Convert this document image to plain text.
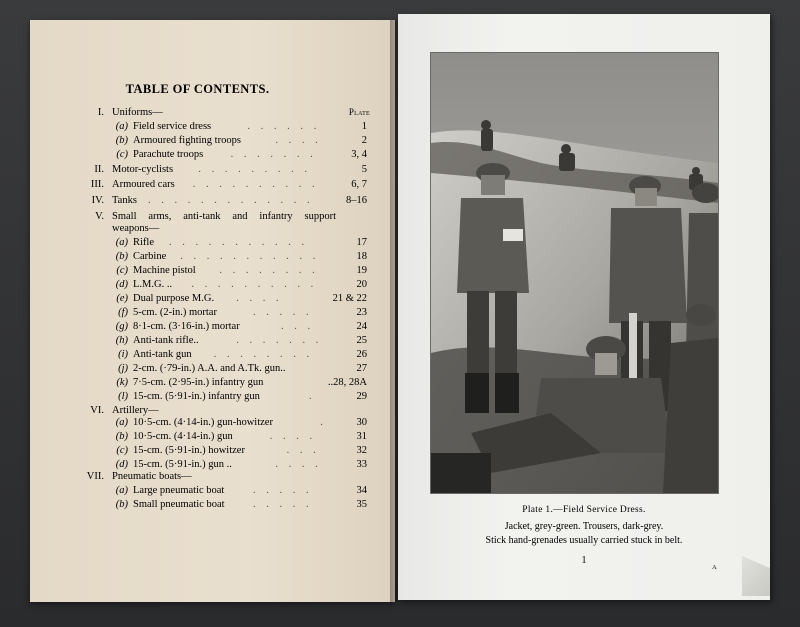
TABLE OF CONTENTS.
Plate
I. Uniforms—
(a) Field service dress	. . . . . .	1
(b) Armoured fighting troops	. . . .	2
(c) Parachute troops	. . . . . . .	3, 4
II. Motor-cyclists . . . . . . . . .	5
III. Armoured cars . . . . . . . . . .	6, 7
IV. Tanks . . . . . . . . . . . . .	8–16
V. Small arms, anti-tank and infantry support
weapons—
(a) Rifle . . . . . . . . . . .	17
(b) Carbine . . . . . . . . . . .	18
(c) Machine pistol . . . . . . . .	19
(d) L.M.G. .. . . . . . . . . . .	20
(e) Dual purpose M.G. . . . .	21 & 22
(f) 5-cm. (2-in.) mortar	. . . . .	23
(g) 8·1-cm. (3·16-in.) mortar	. . .	24
(h) Anti-tank rifle..	. . . . . . .	25
(i) Anti-tank gun . . . . . . . .	26
(j) 2-cm. (·79-in.) A.A. and A.Tk. gun..	27
(k) 7·5-cm. (2·95-in.) infantry gun	..28, 28A
(l) 15-cm. (5·91-in.) infantry gun	.	29
VI. Artillery—
(a) 10·5-cm. (4·14-in.) gun-howitzer	.	30
(b) 10·5-cm. (4·14-in.) gun	. . . .	31
(c) 15-cm. (5·91-in.) howitzer	. . .	32
(d) 15-cm. (5·91-in.) gun ..	. . . .	33
VII. Pneumatic boats—
(a) Large pneumatic boat	. . . . .	34
(b) Small pneumatic boat	. . . . .	35	Plate 1.—Field Service Dress.
Jacket, grey-green. Trousers, dark-grey.
Stick hand-grenades usually carried stuck in belt.
1
A
